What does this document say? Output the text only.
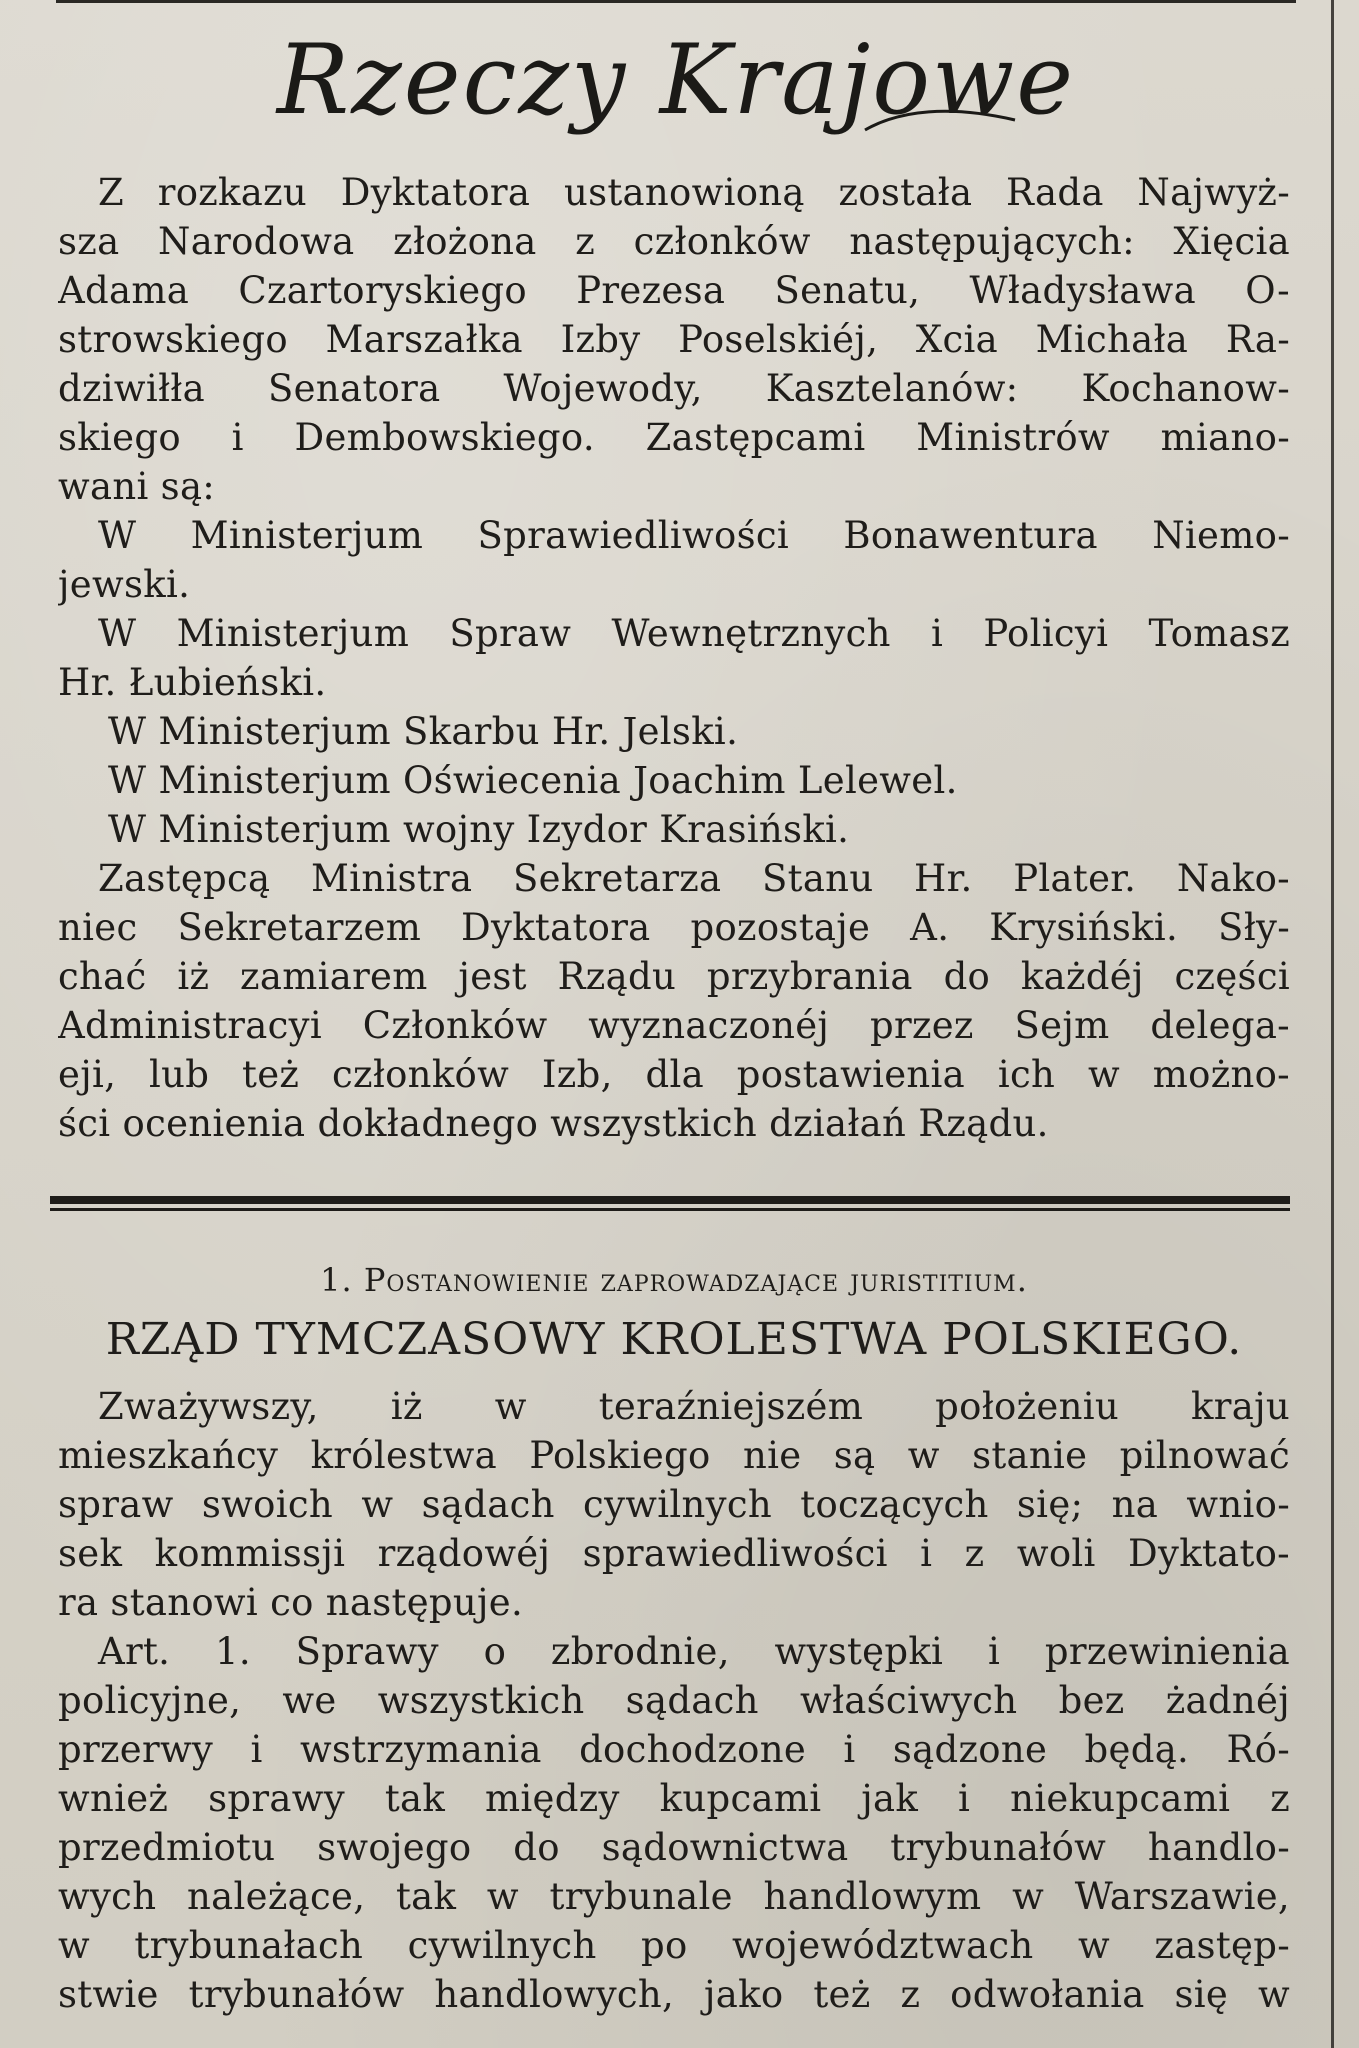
Rzeczy Krajowe
Z rozkazu Dyktatora ustanowioną została Rada Najwyż-
sza Narodowa złożona z członków następujących: Xięcia
Adama Czartoryskiego Prezesa Senatu, Władysława O-
strowskiego Marszałka Izby Poselskiéj, Xcia Michała Ra-
dziwiłła Senatora Wojewody, Kasztelanów: Kochanow-
skiego i Dembowskiego. Zastępcami Ministrów miano-
wani są:
W Ministerjum Sprawiedliwości Bonawentura Niemo-
jewski.
W Ministerjum Spraw Wewnętrznych i Policyi Tomasz
Hr. Łubieński.
W Ministerjum Skarbu Hr. Jelski.
W Ministerjum Oświecenia Joachim Lelewel.
W Ministerjum wojny Izydor Krasiński.
Zastępcą Ministra Sekretarza Stanu Hr. Plater. Nako-
niec Sekretarzem Dyktatora pozostaje A. Krysiński. Sły-
chać iż zamiarem jest Rządu przybrania do każdéj części
Administracyi Członków wyznaczonéj przez Sejm delega-
eji, lub też członków Izb, dla postawienia ich w możno-
ści ocenienia dokładnego wszystkich działań Rządu.
1. Postanowienie zaprowadzające juristitium.
RZĄD TYMCZASOWY KROLESTWA POLSKIEGO.
Zważywszy, iż w teraźniejszém położeniu kraju
mieszkańcy królestwa Polskiego nie są w stanie pilnować
spraw swoich w sądach cywilnych toczących się; na wnio-
sek kommissji rządowéj sprawiedliwości i z woli Dyktato-
ra stanowi co następuje.
Art. 1. Sprawy o zbrodnie, występki i przewinienia
policyjne, we wszystkich sądach właściwych bez żadnéj
przerwy i wstrzymania dochodzone i sądzone będą. Ró-
wnież sprawy tak między kupcami jak i niekupcami z
przedmiotu swojego do sądownictwa trybunałów handlo-
wych należące, tak w trybunale handlowym w Warszawie,
w trybunałach cywilnych po województwach w zastęp-
stwie trybunałów handlowych, jako też z odwołania się w
